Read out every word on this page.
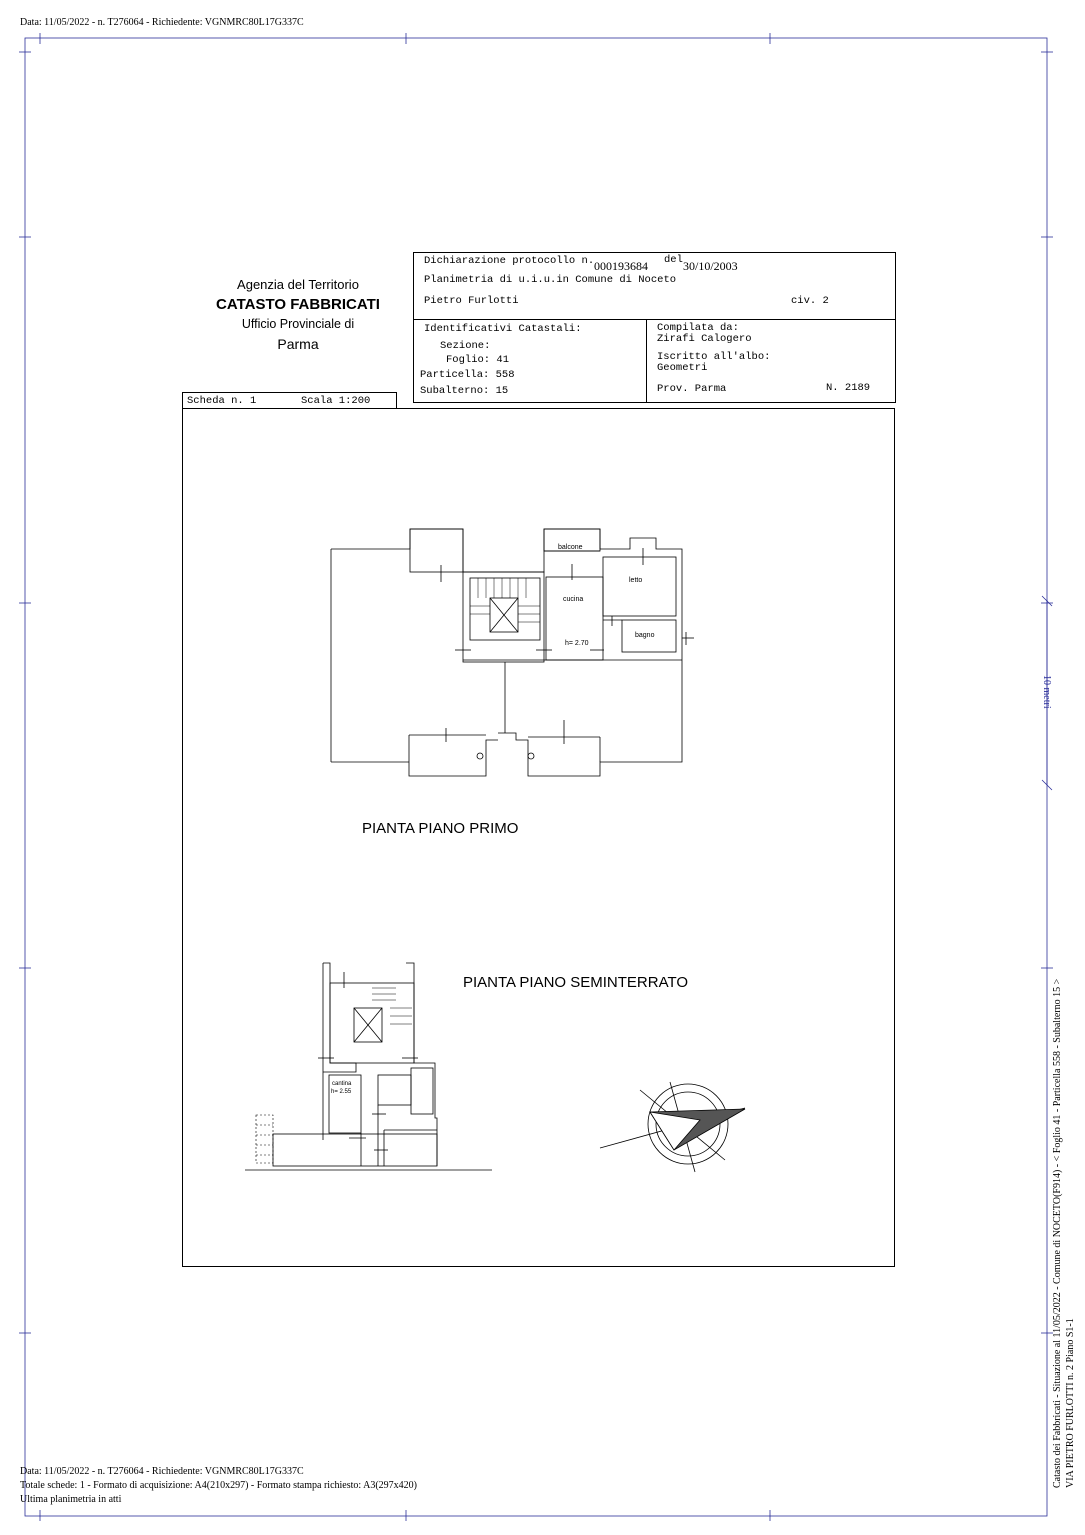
Data: 11/05/2022 - n. T276064 - Richiedente: VGNMRC80L17G337C
Agenzia del Territorio
CATASTO FABBRICATI
Ufficio Provinciale di
Parma
Dichiarazione protocollo n. 000193684 del 30/10/2003
Planimetria di u.i.u.in Comune di Noceto
Pietro Furlotti	civ. 2
Identificativi Catastali:
Sezione:
Foglio: 41
Particella: 558
Subalterno: 15
Compilata da:
Zirafi Calogero
Iscritto all'albo:
Geometri
Prov. Parma	N. 2189
Scheda n. 1	Scala 1:200
balcone
letto
cucina
bagno
h= 2.70
cantina
h= 2.55
PIANTA PIANO PRIMO
PIANTA PIANO SEMINTERRATO
10 metri
Catasto dei Fabbricati - Situazione al 11/05/2022 - Comune di NOCETO(F914) - < Foglio 41 - Particella 558 - Subalterno 15 > VIA PIETRO FURLOTTI n. 2 Piano S1-1
Data: 11/05/2022 - n. T276064 - Richiedente: VGNMRC80L17G337C
Totale schede: 1 - Formato di acquisizione: A4(210x297) - Formato stampa richiesto: A3(297x420)
Ultima planimetria in atti
